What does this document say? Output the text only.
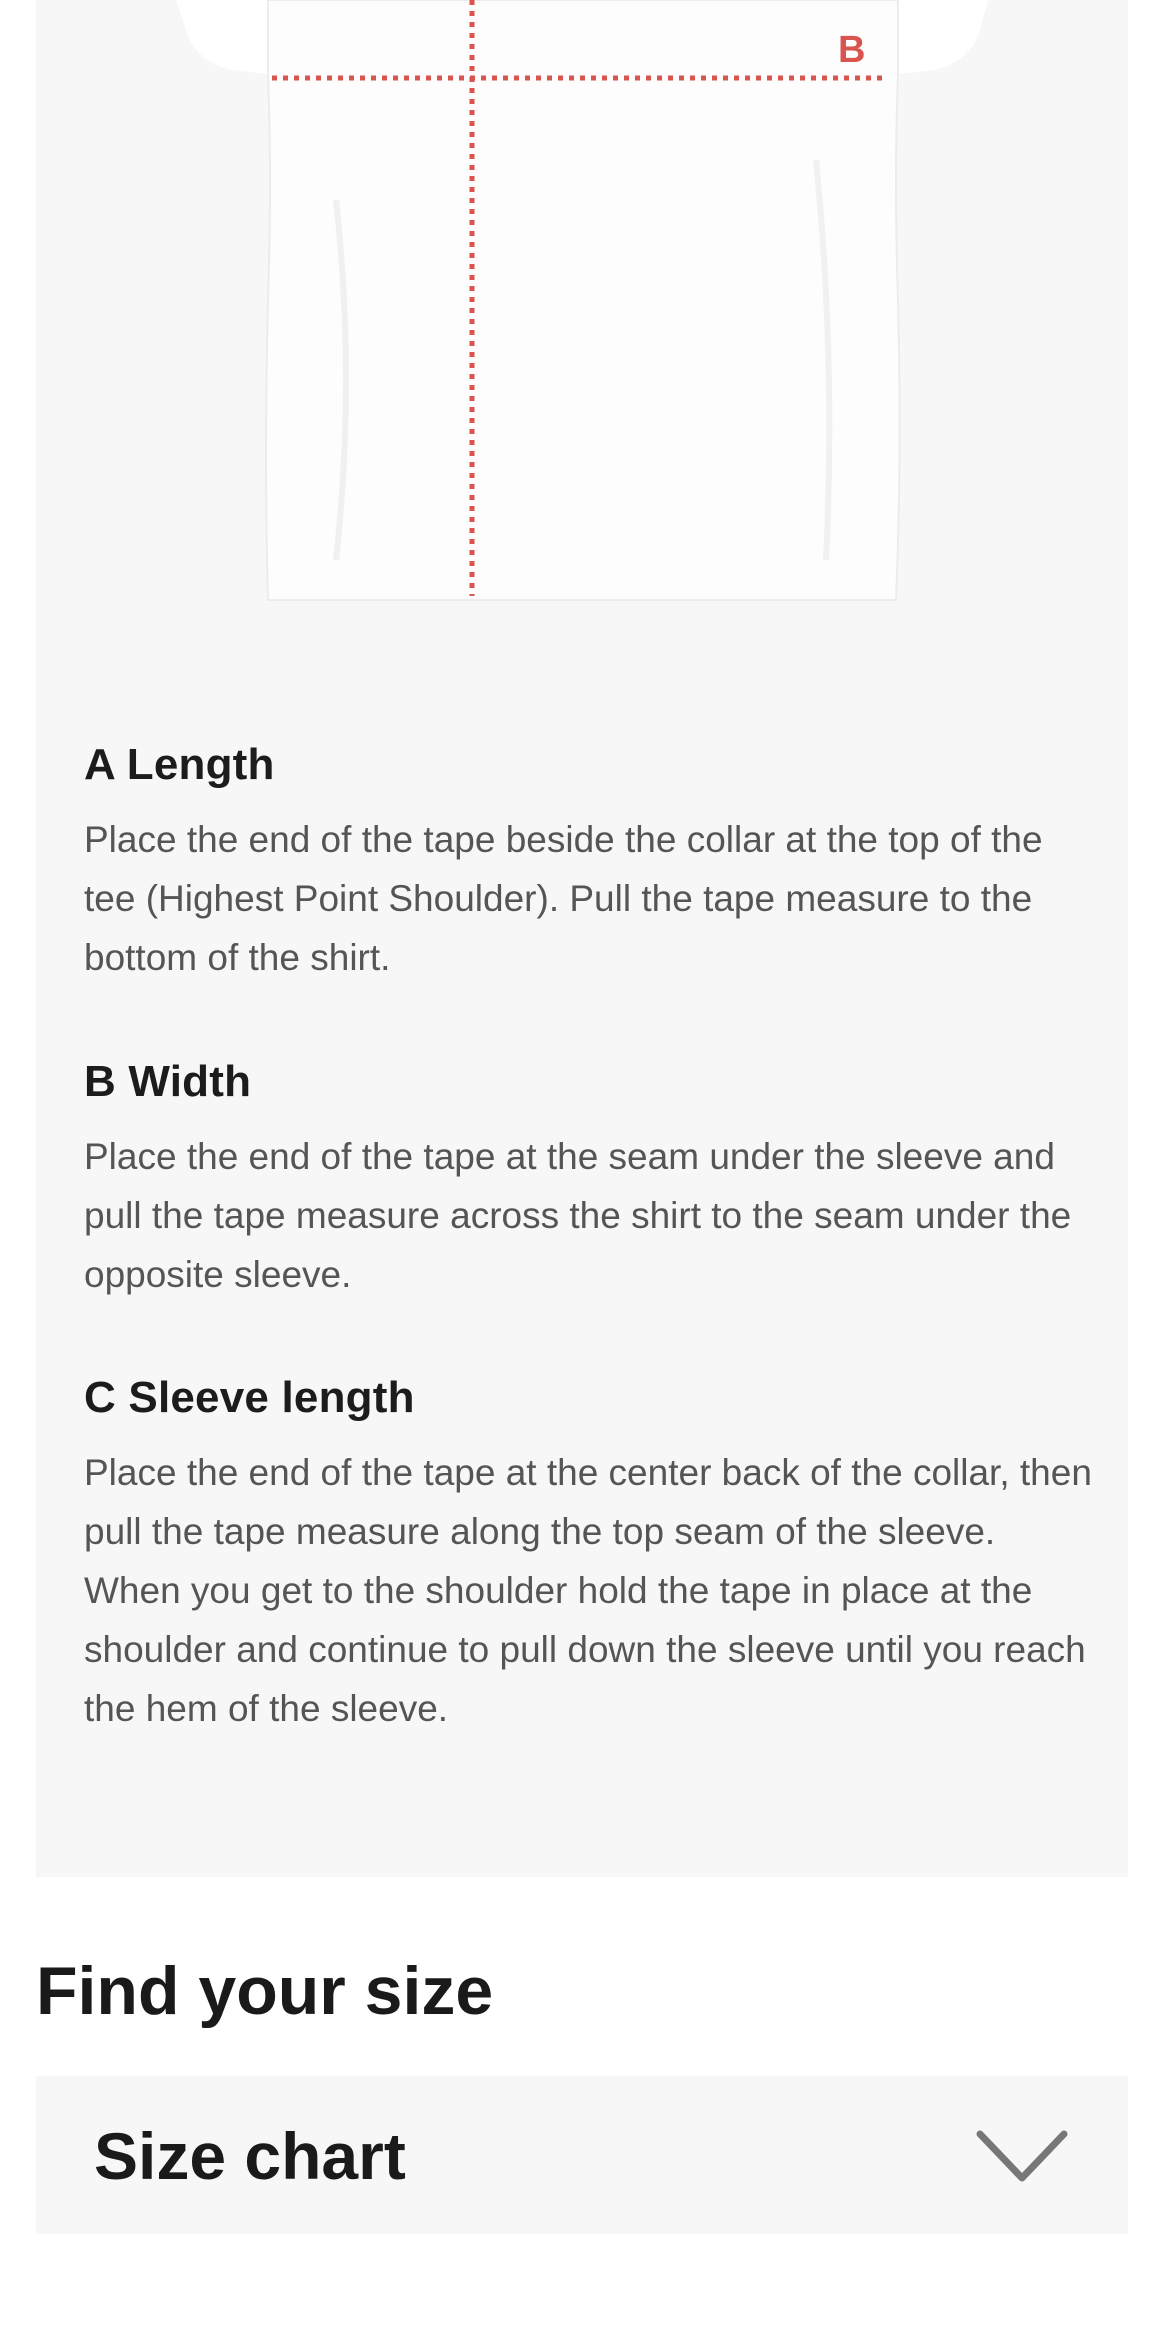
B
A Length
Place the end of the tape beside the collar at the top of the tee (Highest Point Shoulder). Pull the tape measure to the bottom of the shirt.
B Width
Place the end of the tape at the seam under the sleeve and pull the tape measure across the shirt to the seam under the opposite sleeve.
C Sleeve length
Place the end of the tape at the center back of the collar, then pull the tape measure along the top seam of the sleeve. When you get to the shoulder hold the tape in place at the shoulder and continue to pull down the sleeve until you reach the hem of the sleeve.
Find your size
Size chart
